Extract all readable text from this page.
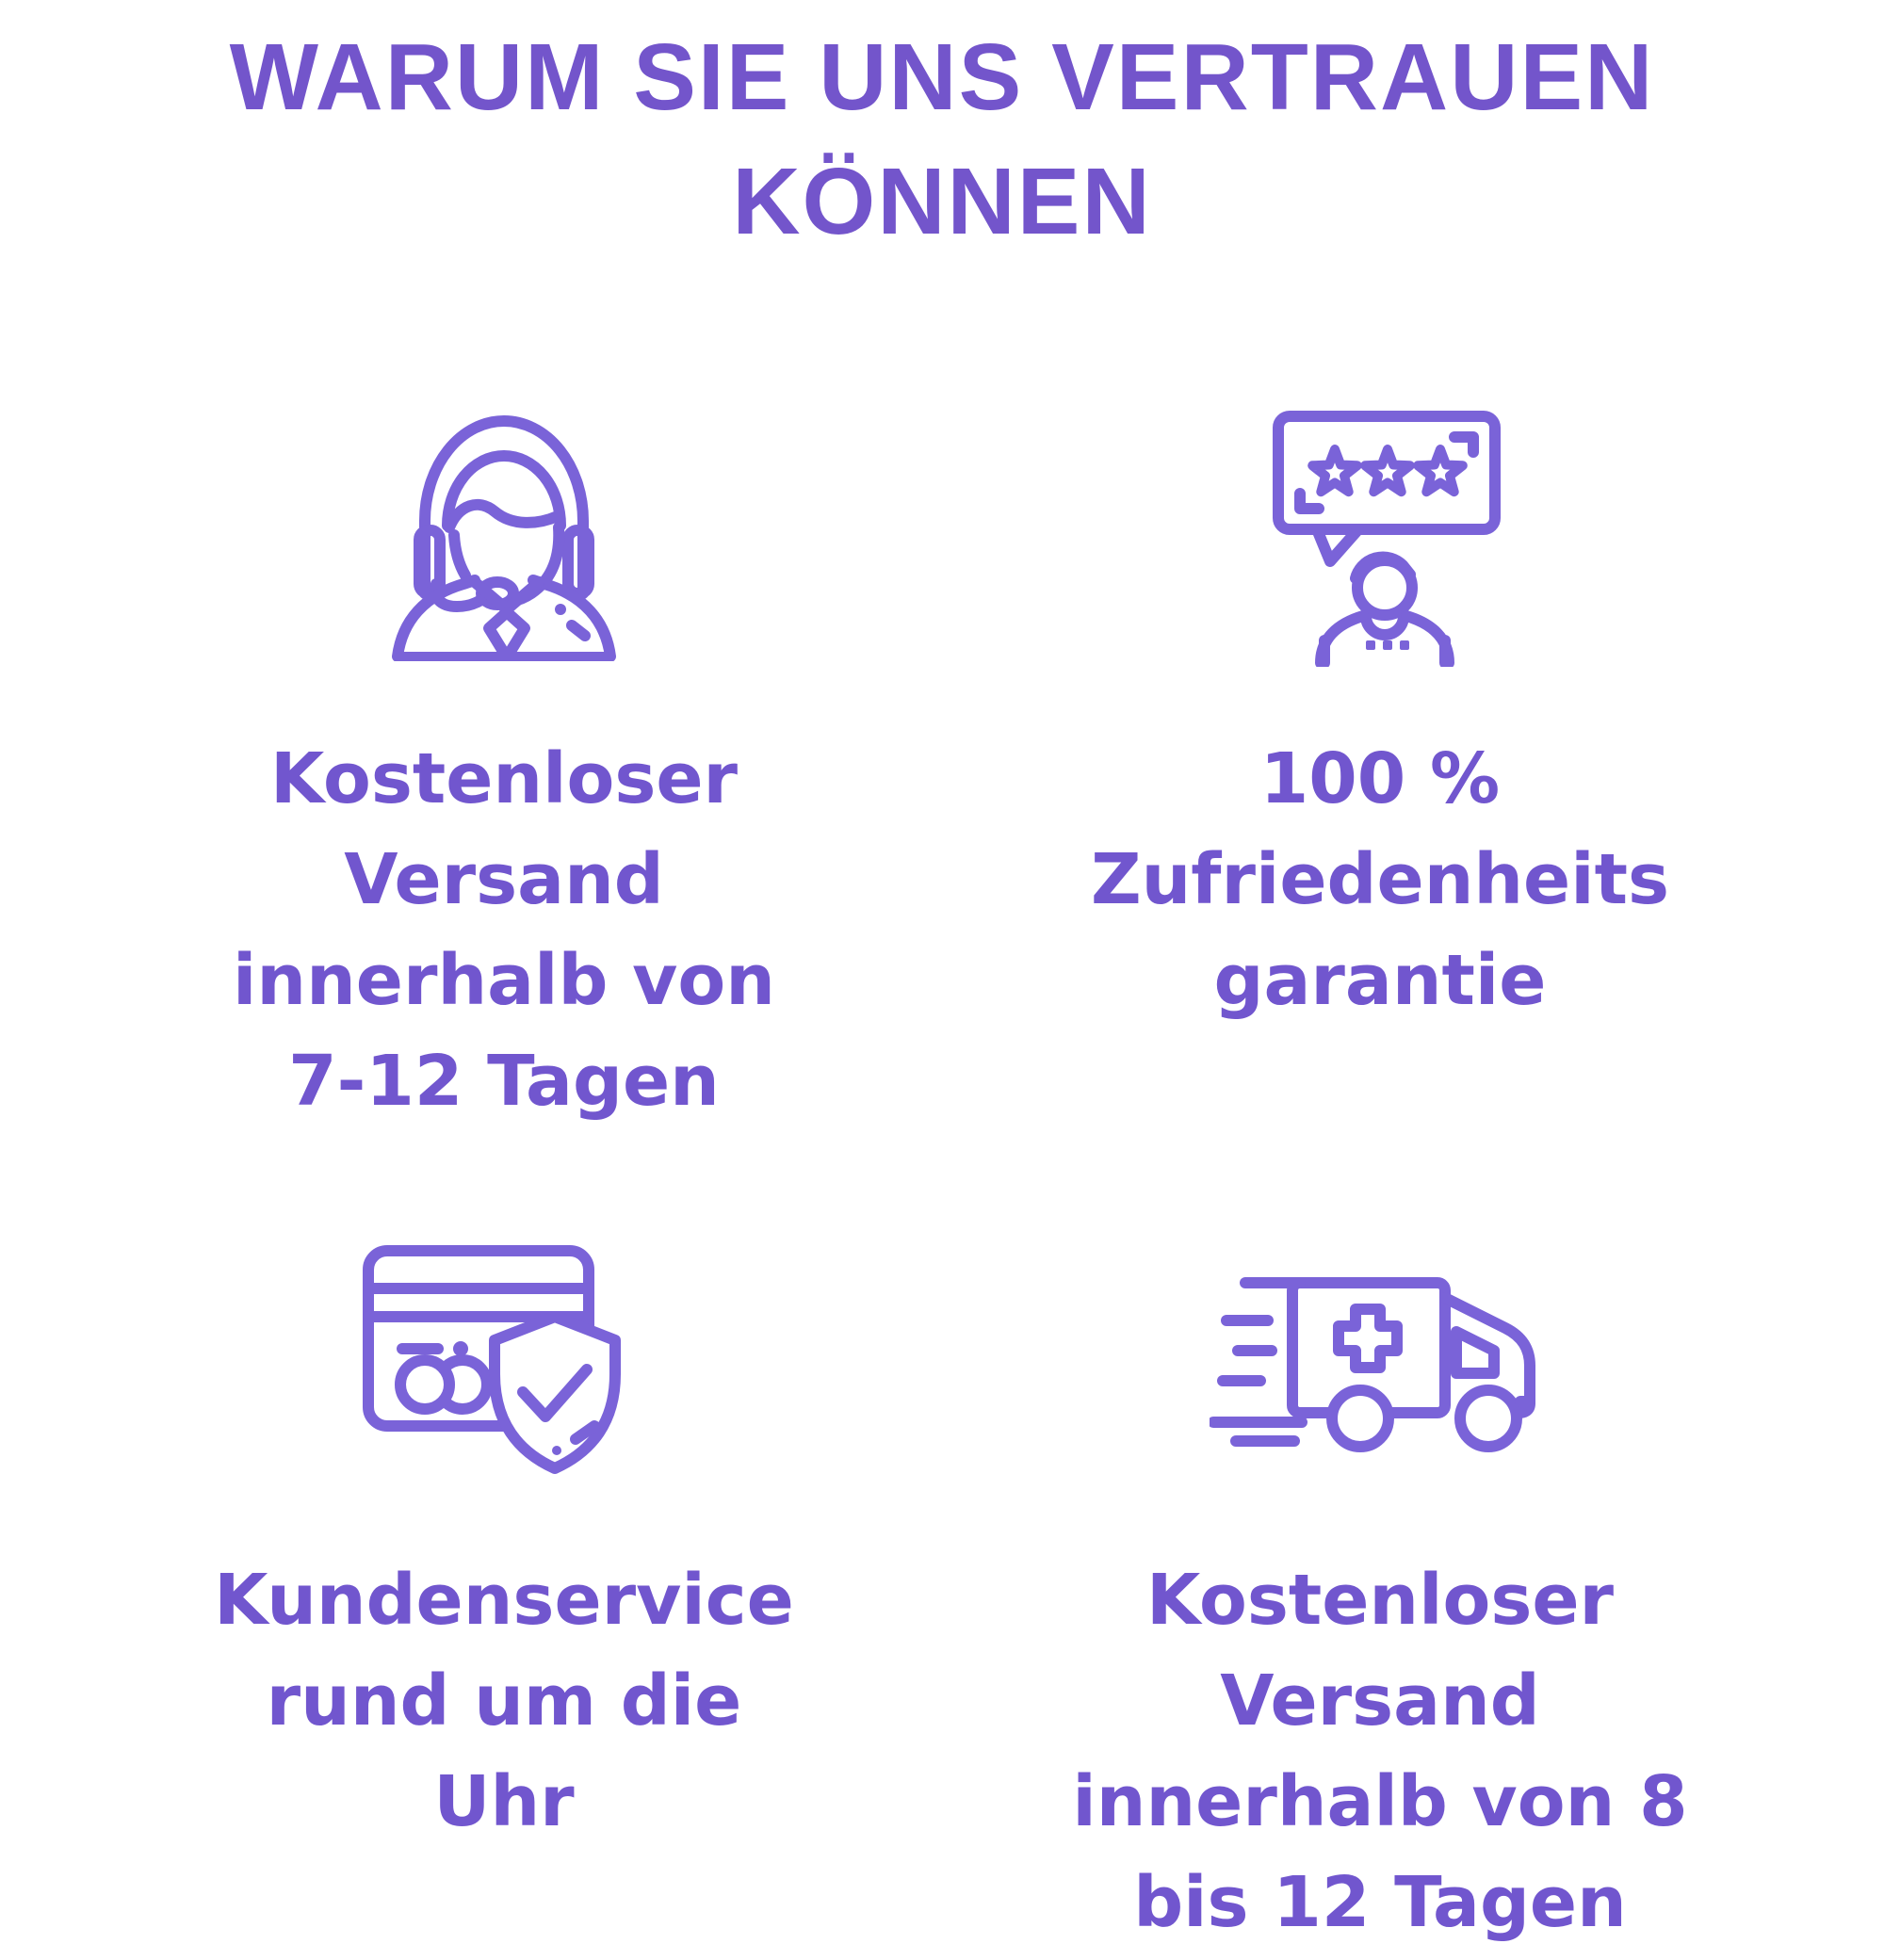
WARUM SIE UNS VERTRAUEN
KÖNNEN
Kostenloser
Versand
innerhalb von
7-12 Tagen
100 %
Zufriedenheits
garantie
Kundenservice
rund um die
Uhr
Kostenloser
Versand
innerhalb von 8
bis 12 Tagen
